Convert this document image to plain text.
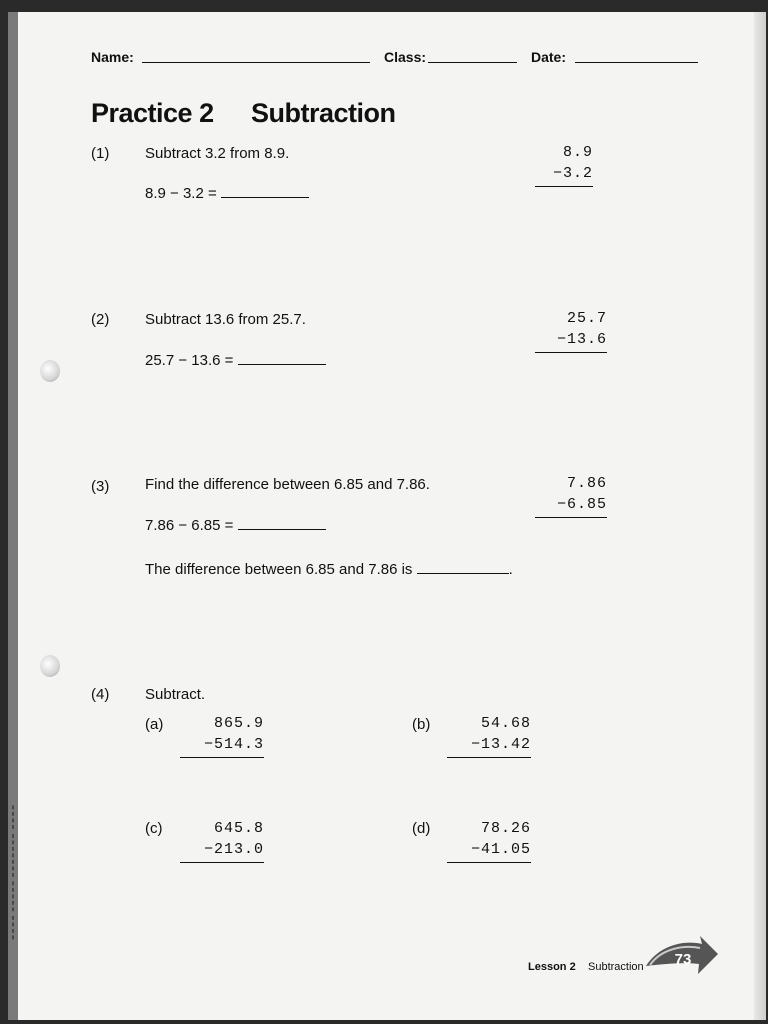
▮▮▮▮ ▮▮▮▮▮ ▮▮▮▮▮▮▮ ▮▮▮▮
Name:	Class:	Date:
Practice 2 Subtraction
(1) Subtract 3.2 from 8.9.
8.9 − 3.2 =
8.9
−3.2
(2) Subtract 13.6 from 25.7.
25.7 − 13.6 =
25.7
−13.6
(3) Find the difference between 6.85 and 7.86.
7.86 − 6.85 =
The difference between 6.85 and 7.86 is	.
7.86
−6.85
(4) Subtract.
(a)	865.9
−514.3
(b)	54.68
−13.42
(c)	645.8
−213.0
(d)	78.26
−41.05
Lesson 2 Subtraction	73
